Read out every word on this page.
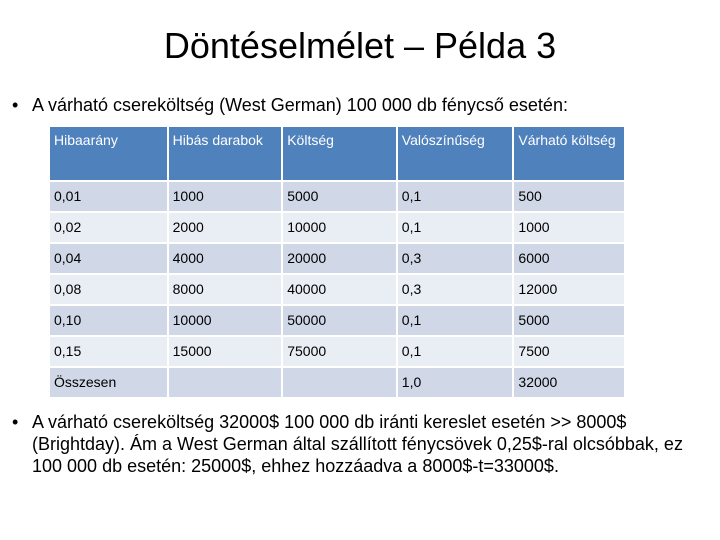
Döntéselmélet – Példa 3
• A várható csereköltség (West German) 100 000 db fénycső esetén:
Hibaarány	Hibás darabok	Költség	Valószínűség	Várható költség
0,01	1000	5000	0,1	500
0,02	2000	10000	0,1	1000
0,04	4000	20000	0,3	6000
0,08	8000	40000	0,3	12000
0,10	10000	50000	0,1	5000
0,15	15000	75000	0,1	7500
Összesen			1,0	32000
• A várható csereköltség 32000$ 100 000 db iránti kereslet esetén >> 8000$ (Brightday). Ám a West German által szállított fénycsövek 0,25$-ral olcsóbbak, ez 100 000 db esetén: 25000$, ehhez hozzáadva a 8000$-t=33000$.
